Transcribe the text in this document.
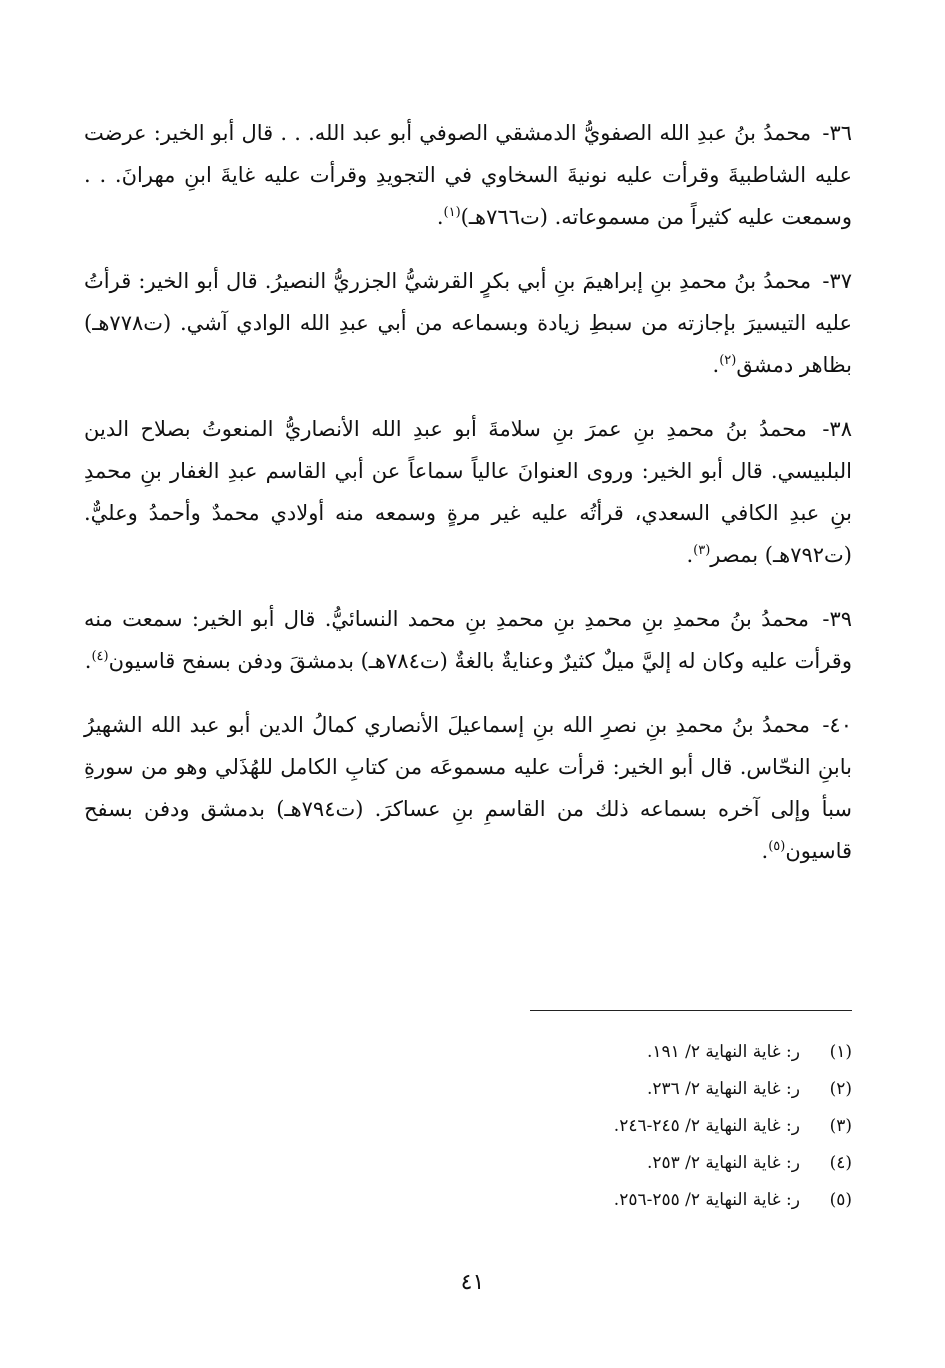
٣٦- محمدُ بنُ عبدِ الله الصفويُّ الدمشقي الصوفي أبو عبد الله. . . قال أبو الخير: عرضت عليه الشاطبيةَ وقرأت عليه نونيةَ السخاوي في التجويدِ وقرأت عليه غايةَ ابنِ مهرانَ. . . وسمعت عليه كثيراً من مسموعاته. (ت٧٦٦هـ)$^{(١)}$.

٣٧- محمدُ بنُ محمدِ بنِ إبراهيمَ بنِ أبي بكرٍ القرشيُّ الجزريُّ النصيرُ. قال أبو الخير: قرأتُ عليه التيسيرَ بإجازته من سبطِ زيادة وبسماعه من أبي عبدِ الله الوادي آشي. (ت٧٧٨هـ) بظاهر دمشق$^{(٢)}$.

٣٨- محمدُ بنُ محمدِ بنِ عمرَ بنِ سلامةَ أبو عبدِ الله الأنصاريُّ المنعوتُ بصلاح الدين البلبيسي. قال أبو الخير: وروى العنوانَ عالياً سماعاً عن أبي القاسم عبدِ الغفار بنِ محمدِ بنِ عبدِ الكافي السعدي، قرأتُه عليه غير مرةٍ وسمعه منه أولادي محمدٌ وأحمدُ وعليٌّ. (ت٧٩٢هـ) بمصر$^{(٣)}$.

٣٩- محمدُ بنُ محمدِ بنِ محمدِ بنِ محمدِ بنِ محمد النسائيُّ. قال أبو الخير: سمعت منه وقرأت عليه وكان له إليَّ ميلٌ كثيرٌ وعنايةٌ بالغةٌ (ت٧٨٤هـ) بدمشقَ ودفن بسفح قاسيون$^{(٤)}$.

٤٠- محمدُ بنُ محمدِ بنِ نصرِ الله بنِ إسماعيلَ الأنصاري كمالُ الدين أبو عبد الله الشهيرُ بابنِ النحّاس. قال أبو الخير: قرأت عليه مسموعَه من كتابِ الكامل للهُذَلي وهو من سورةِ سبأ وإلى آخره بسماعه ذلك من القاسمِ بنِ عساكرَ. (ت٧٩٤هـ) بدمشق ودفن بسفح قاسيون$^{(٥)}$.

(١)ر: غاية النهاية ٢/ ١٩١.
(٢)ر: غاية النهاية ٢/ ٢٣٦.
(٣)ر: غاية النهاية ٢/ ٢٤٥-٢٤٦.
(٤)ر: غاية النهاية ٢/ ٢٥٣.
(٥)ر: غاية النهاية ٢/ ٢٥٥-٢٥٦.
٤١
